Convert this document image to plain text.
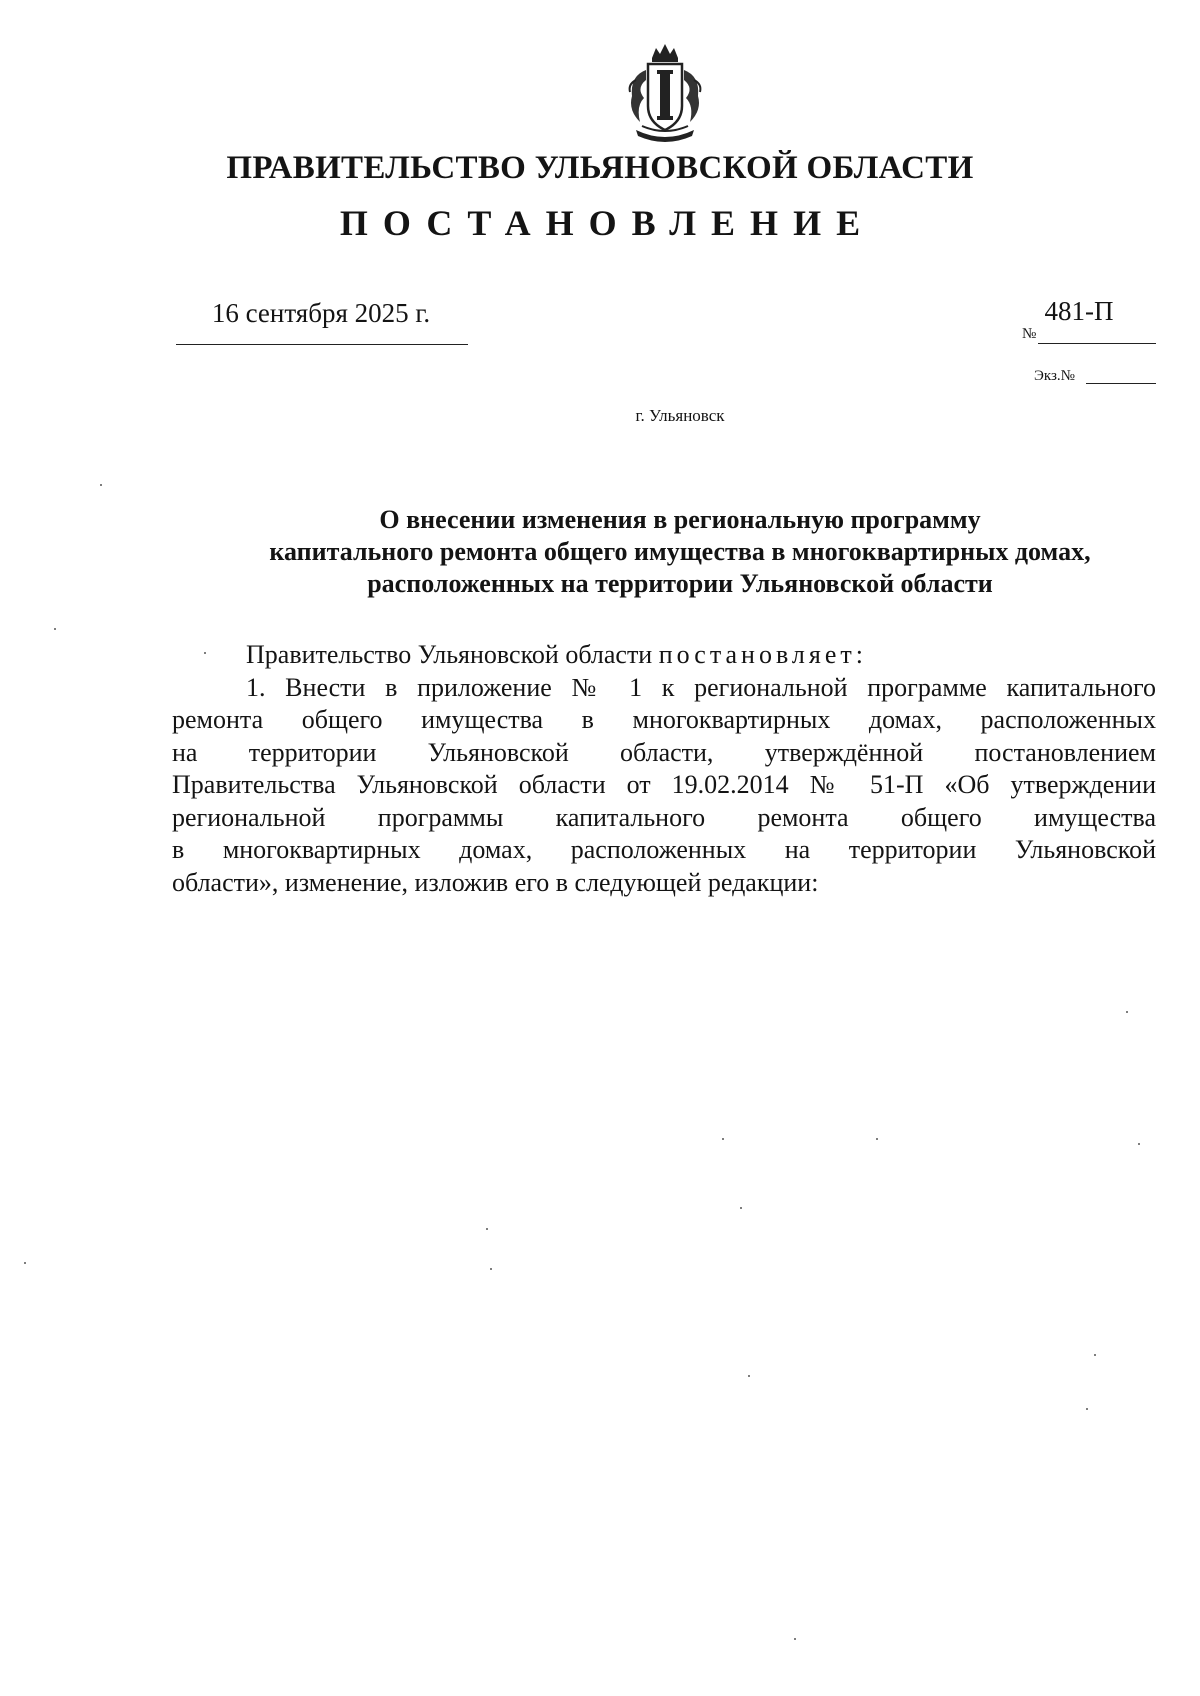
ПРАВИТЕЛЬСТВО УЛЬЯНОВСКОЙ ОБЛАСТИ
ПОСТАНОВЛЕНИЕ
16 сентября 2025 г.
№
481-П
Экз.№
г. Ульяновск
О внесении изменения в региональную программу
капитального ремонта общего имущества в многоквартирных домах,
расположенных на территории Ульяновской области
Правительство Ульяновской области постановляет:
1. Внести в приложение № 1 к региональной программе капитального
ремонта общего имущества в многоквартирных домах, расположенных
на территории Ульяновской области, утверждённой постановлением
Правительства Ульяновской области от 19.02.2014 № 51-П «Об утверждении
региональной программы капитального ремонта общего имущества
в многоквартирных домах, расположенных на территории Ульяновской
области», изменение, изложив его в следующей редакции:
